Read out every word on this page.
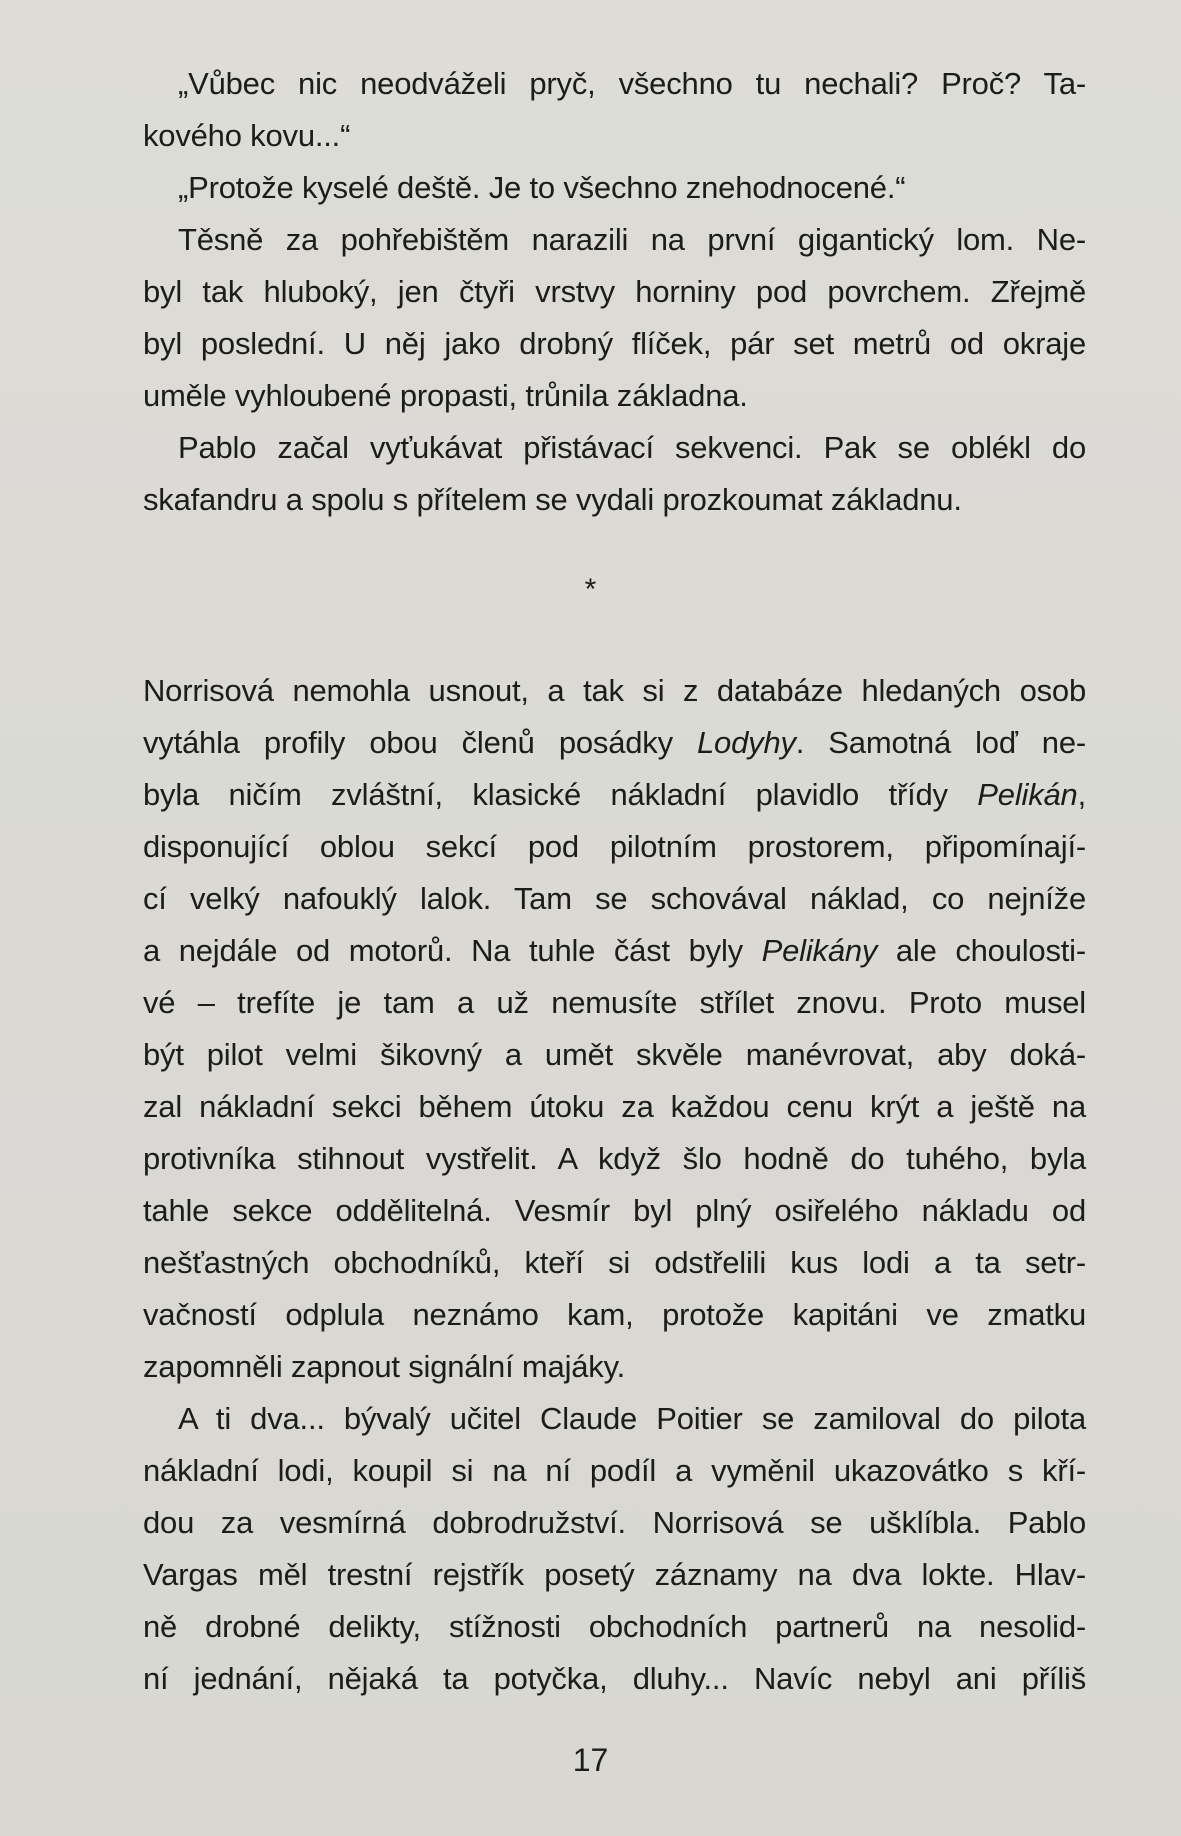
„Vůbec nic neodváželi pryč, všechno tu nechali? Proč? Ta-
kového kovu...“

„Protože kyselé deště. Je to všechno znehodnocené.“

Těsně za pohřebištěm narazili na první gigantický lom. Ne-
byl tak hluboký, jen čtyři vrstvy horniny pod povrchem. Zřejmě
byl poslední. U něj jako drobný flíček, pár set metrů od okraje
uměle vyhloubené propasti, trůnila základna.

Pablo začal vyťukávat přistávací sekvenci. Pak se oblékl do
skafandru a spolu s přítelem se vydali prozkoumat základnu.

*

Norrisová nemohla usnout, a tak si z databáze hledaných osob
vytáhla profily obou členů posádky Lodyhy. Samotná loď ne-
byla ničím zvláštní, klasické nákladní plavidlo třídy Pelikán,
disponující oblou sekcí pod pilotním prostorem, připomínají-
cí velký nafouklý lalok. Tam se schovával náklad, co nejníže
a nejdále od motorů. Na tuhle část byly Pelikány ale choulosti-
vé – trefíte je tam a už nemusíte střílet znovu. Proto musel
být pilot velmi šikovný a umět skvěle manévrovat, aby doká-
zal nákladní sekci během útoku za každou cenu krýt a ještě na
protivníka stihnout vystřelit. A když šlo hodně do tuhého, byla
tahle sekce oddělitelná. Vesmír byl plný osiřelého nákladu od
nešťastných obchodníků, kteří si odstřelili kus lodi a ta setr-
vačností odplula neznámo kam, protože kapitáni ve zmatku
zapomněli zapnout signální majáky.

A ti dva... bývalý učitel Claude Poitier se zamiloval do pilota
nákladní lodi, koupil si na ní podíl a vyměnil ukazovátko s kří-
dou za vesmírná dobrodružství. Norrisová se ušklíbla. Pablo
Vargas měl trestní rejstřík posetý záznamy na dva lokte. Hlav-
ně drobné delikty, stížnosti obchodních partnerů na nesolid-
ní jednání, nějaká ta potyčka, dluhy... Navíc nebyl ani příliš

17
